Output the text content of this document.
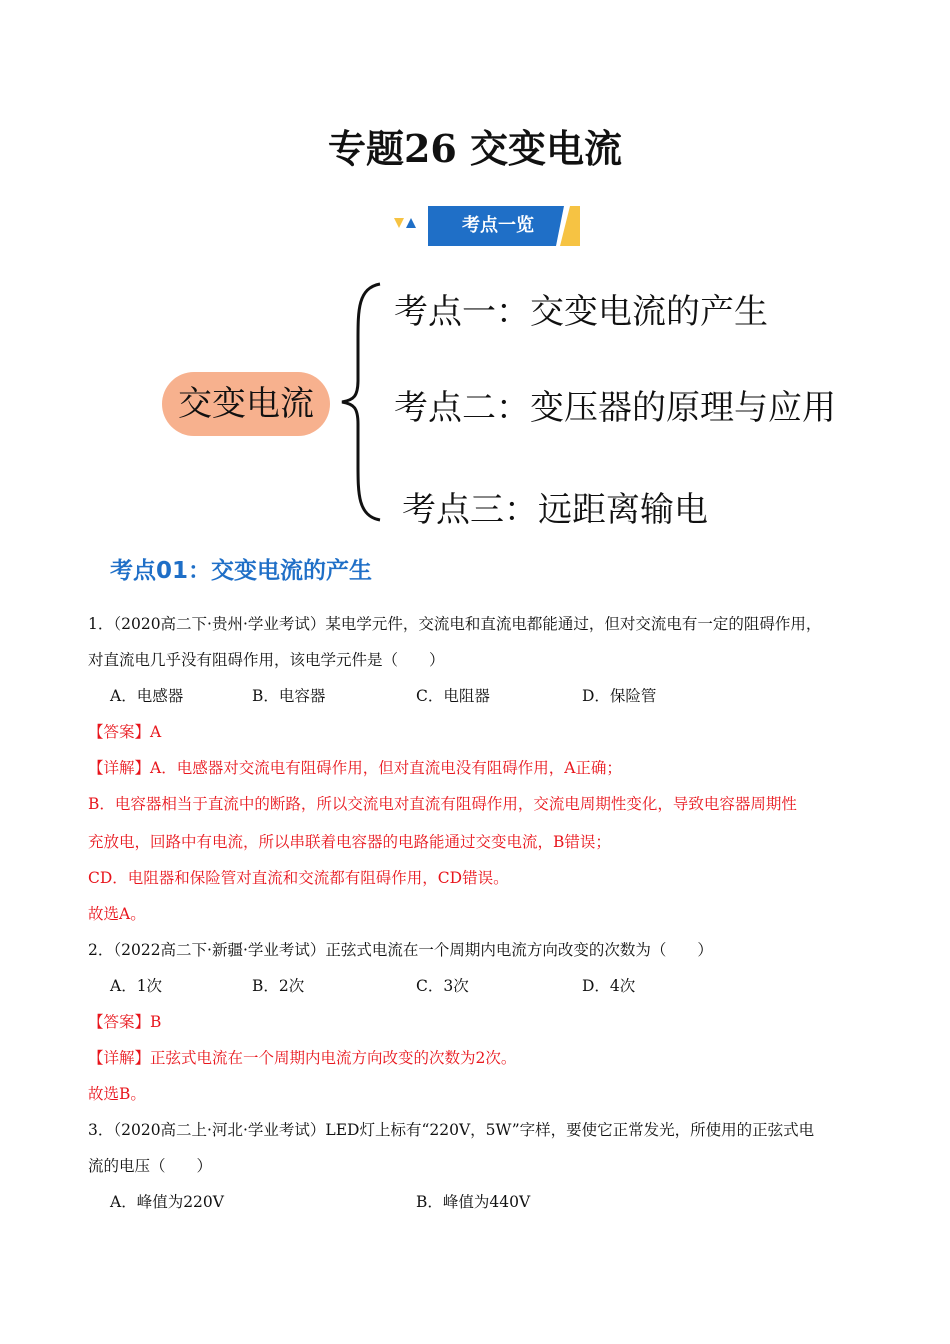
专题26 交变电流
考点一览
交变电流
考点一：交变电流的产生
考点二：变压器的原理与应用
考点三：远距离输电
考点01：交变电流的产生
1．（2020高二下·贵州·学业考试）某电学元件，交流电和直流电都能通过，但对交流电有一定的阻碍作用，
对直流电几乎没有阻碍作用，该电学元件是（　　）
A．电感器	B．电容器	C．电阻器	D．保险管
【答案】A
【详解】A．电感器对交流电有阻碍作用，但对直流电没有阻碍作用，A正确；
B．电容器相当于直流中的断路，所以交流电对直流有阻碍作用，交流电周期性变化，导致电容器周期性
充放电，回路中有电流，所以串联着电容器的电路能通过交变电流，B错误；
CD．电阻器和保险管对直流和交流都有阻碍作用，CD错误。
故选A。
2．（2022高二下·新疆·学业考试）正弦式电流在一个周期内电流方向改变的次数为（　　）
A．1次	B．2次	C．3次	D．4次
【答案】B
【详解】正弦式电流在一个周期内电流方向改变的次数为2次。
故选B。
3．（2020高二上·河北·学业考试）LED灯上标有“220V，5W”字样，要使它正常发光，所使用的正弦式电
流的电压（　　）
A．峰值为220V	B．峰值为440V
